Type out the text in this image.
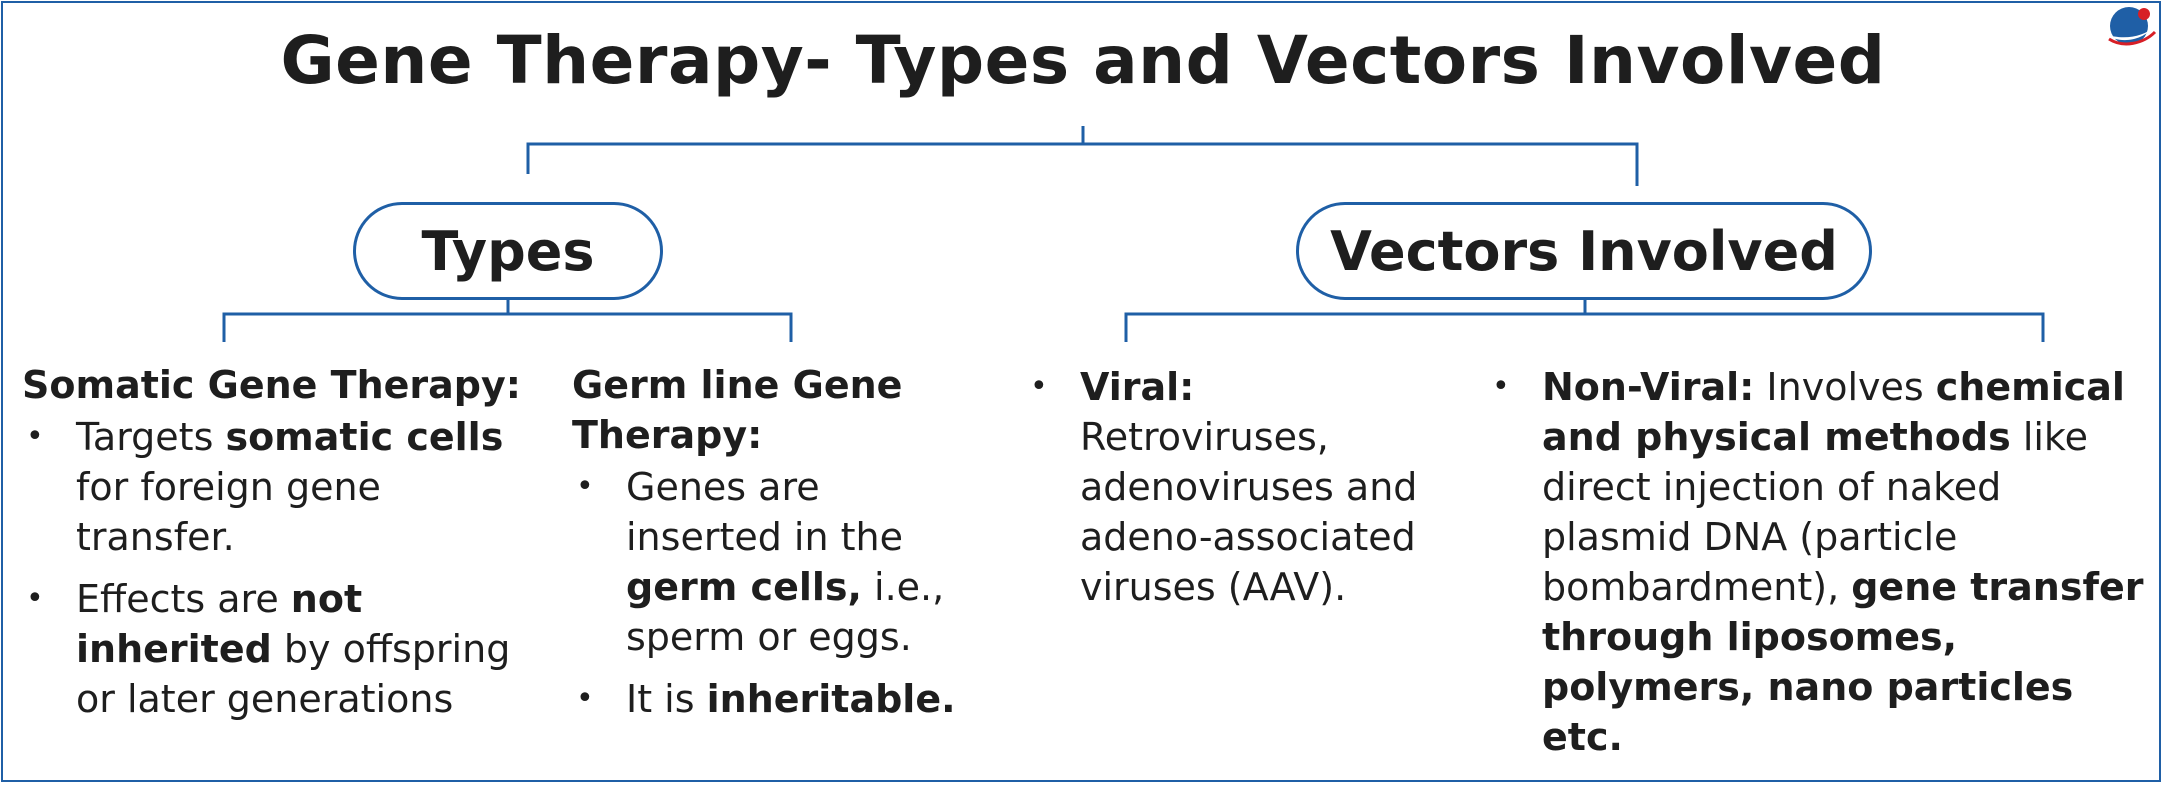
Gene Therapy- Types and Vectors Involved
Types	Vectors Involved
Somatic Gene Therapy:
• Targets somatic cells for foreign gene transfer.
• Effects are not inherited by offspring or later generations
Germ line Gene Therapy:
• Genes are inserted in the germ cells, i.e., sperm or eggs.
• It is inheritable.
• Viral:
Retroviruses, adenoviruses and adeno-associated viruses (AAV).
• Non-Viral: Involves chemical and physical methods like direct injection of naked plasmid DNA (particle bombardment), gene transfer through liposomes, polymers, nano particles etc.
